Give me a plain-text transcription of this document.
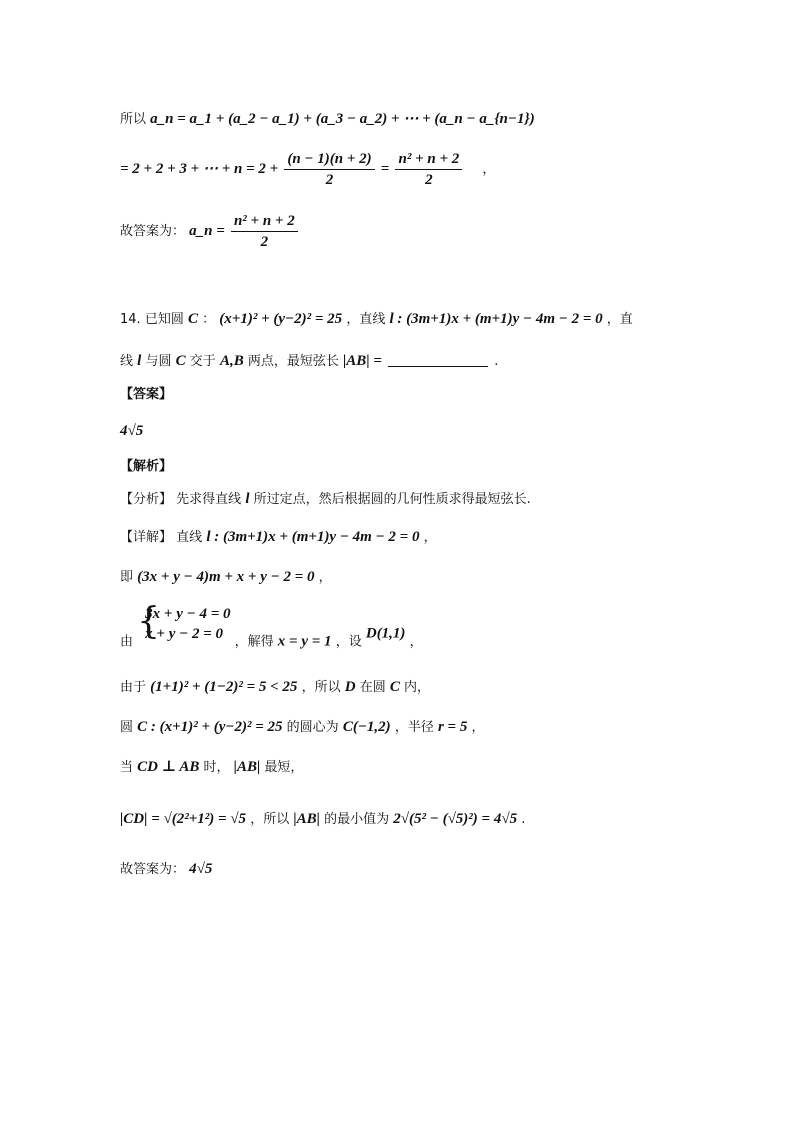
所以 a_n = a_1 + (a_2 − a_1) + (a_3 − a_2) + ⋯ + (a_n − a_{n−1})
= 2 + 2 + 3 + ⋯ + $n = 2 + \frac{(n - 1)(n + 2)}{2} = \frac{\text{n² + n + 2}}{2}$ ，
故答案为： a_n = $\frac{\text{n² + n + 2}}{2}$
14. 已知圆 C ： (x+1)² + (y−2)² = 25 ，直线 l : (3m+1)x + (m+1)y − 4m − 2 = 0 ，直
线 l 与圆 C 交于 A,B 两点，最短弦长 |AB| =	.
【答案】
4√5
【解析】
【分析】 先求得直线 l 所过定点，然后根据圆的几何性质求得最短弦长.
【详解】 直线 l : (3m+1)x + (m+1)y − 4m − 2 = 0 ，
即 (3x + y − 4)m + x + y − 2 = 0 ，
由 {
3x + y − 4 = 0
x + y − 2 = 0 ，解得 x = y = 1 ，设 D(1,1) ，
由于 (1+1)² + (1−2)² = 5 < 25 ，所以 D 在圆 C 内，
圆 C : (x+1)² + (y−2)² = 25 的圆心为 C(−1,2) ，半径 r = 5 ，
当 CD ⊥ AB 时， |AB| 最短，
|CD| = √(2²+1²) = √5 ，所以 |AB| 的最小值为 2√(5² − (√5)²) = 4√5 .
故答案为： 4√5
